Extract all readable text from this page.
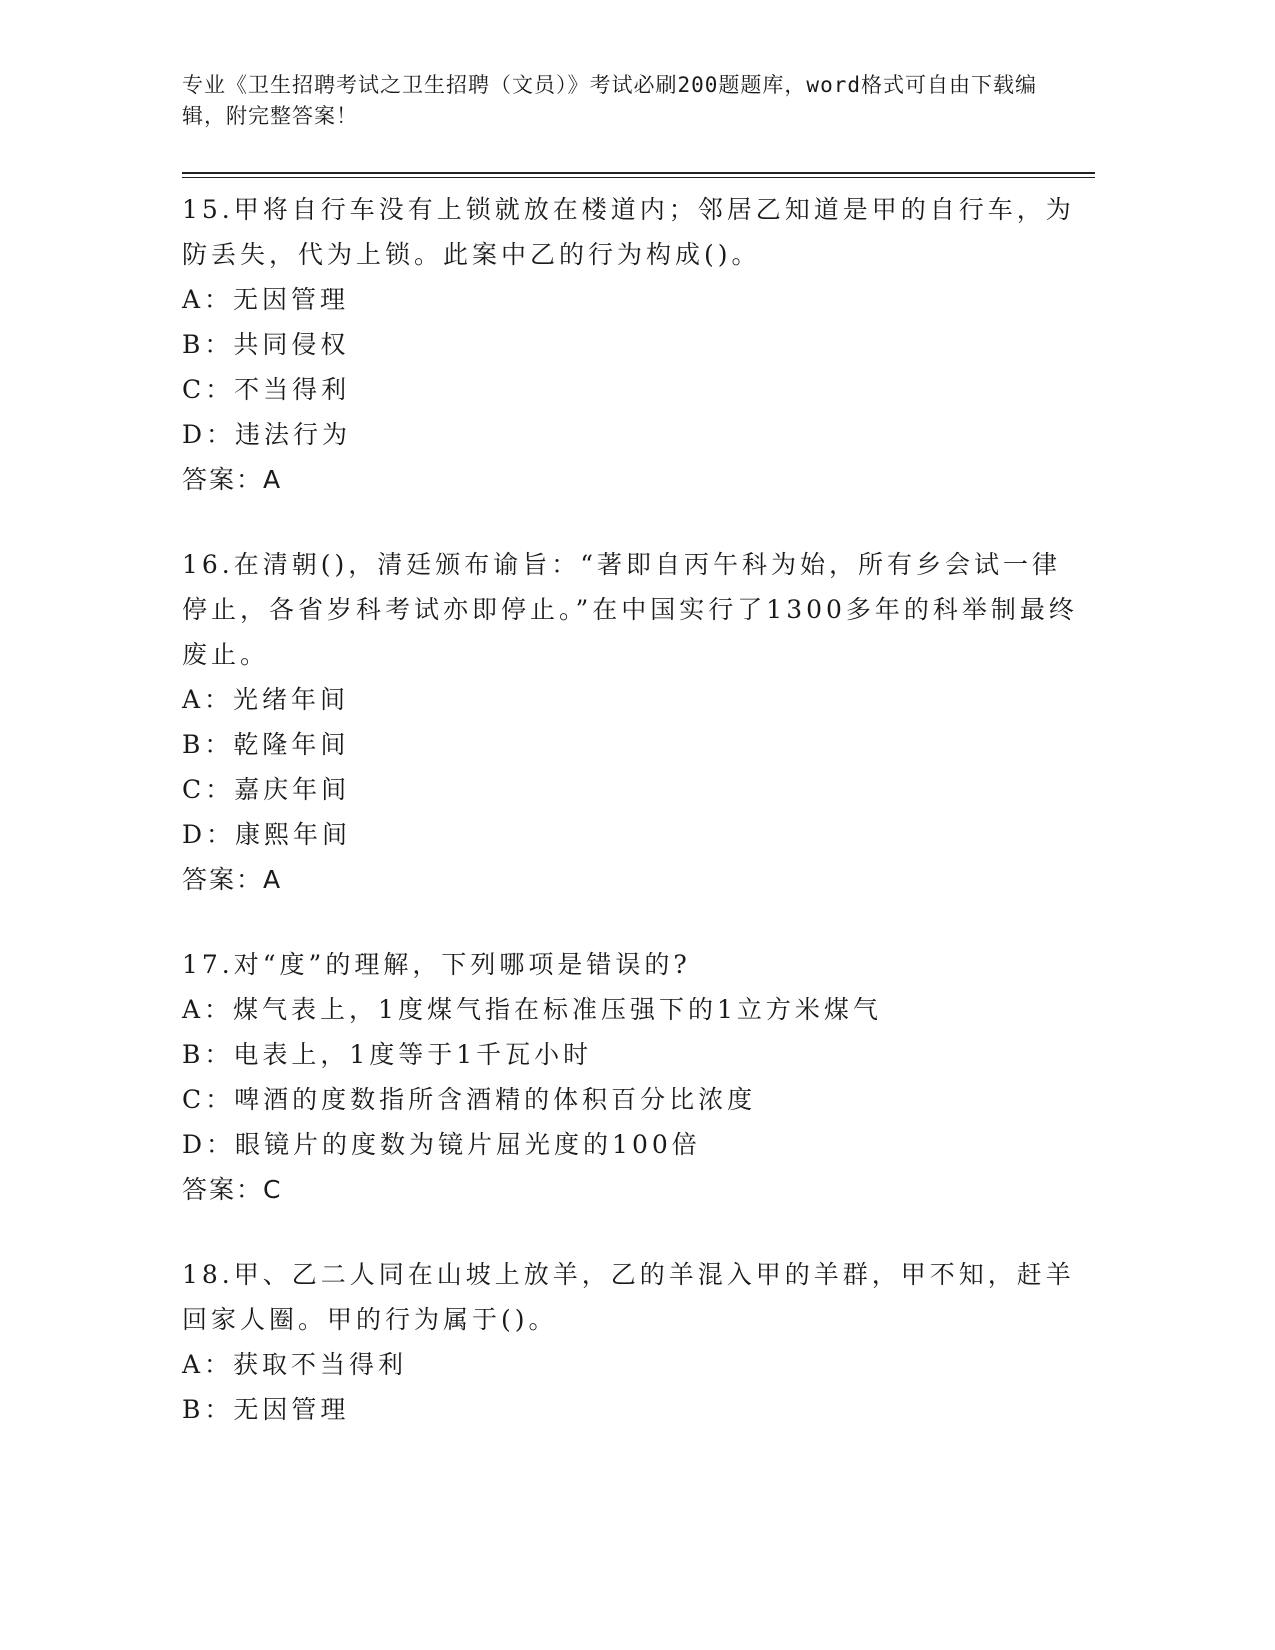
专业《卫生招聘考试之卫生招聘（文员）》考试必刷200题题库，word格式可自由下载编辑，附完整答案！

15.甲将自行车没有上锁就放在楼道内；邻居乙知道是甲的自行车，为防丢失，代为上锁。此案中乙的行为构成()。

A：无因管理

B：共同侵权

C：不当得利

D：违法行为

答案：A

16.在清朝()，清廷颁布谕旨：“著即自丙午科为始，所有乡会试一律停止，各省岁科考试亦即停止。”在中国实行了1300多年的科举制最终废止。

A：光绪年间

B：乾隆年间

C：嘉庆年间

D：康熙年间

答案：A

17.对“度”的理解，下列哪项是错误的?

A：煤气表上，1度煤气指在标准压强下的1立方米煤气

B：电表上，1度等于1千瓦小时

C：啤酒的度数指所含酒精的体积百分比浓度

D：眼镜片的度数为镜片屈光度的100倍

答案：C

18.甲、乙二人同在山坡上放羊，乙的羊混入甲的羊群，甲不知，赶羊回家人圈。甲的行为属于()。

A：获取不当得利

B：无因管理
